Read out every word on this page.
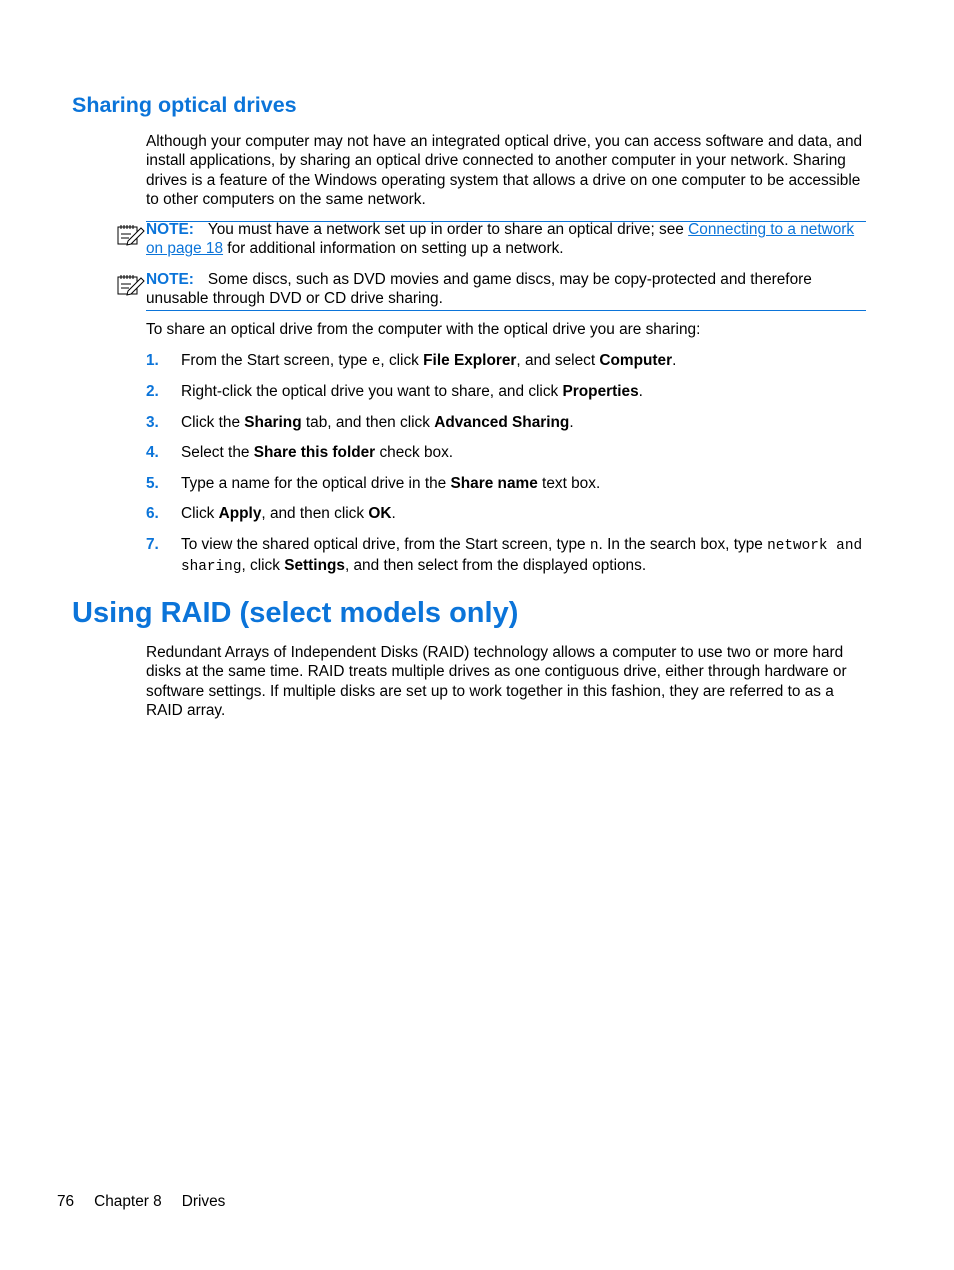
Sharing optical drives
Although your computer may not have an integrated optical drive, you can access software and data, and install applications, by sharing an optical drive connected to another computer in your network. Sharing drives is a feature of the Windows operating system that allows a drive on one computer to be accessible to other computers on the same network.
NOTE: You must have a network set up in order to share an optical drive; see Connecting to a network on page 18 for additional information on setting up a network.
NOTE: Some discs, such as DVD movies and game discs, may be copy-protected and therefore unusable through DVD or CD drive sharing.
To share an optical drive from the computer with the optical drive you are sharing:
1. From the Start screen, type e, click File Explorer, and select Computer.
2. Right-click the optical drive you want to share, and click Properties.
3. Click the Sharing tab, and then click Advanced Sharing.
4. Select the Share this folder check box.
5. Type a name for the optical drive in the Share name text box.
6. Click Apply, and then click OK.
7. To view the shared optical drive, from the Start screen, type n. In the search box, type network and sharing, click Settings, and then select from the displayed options.
Using RAID (select models only)
Redundant Arrays of Independent Disks (RAID) technology allows a computer to use two or more hard disks at the same time. RAID treats multiple drives as one contiguous drive, either through hardware or software settings. If multiple disks are set up to work together in this fashion, they are referred to as a RAID array.
76 Chapter 8 Drives
